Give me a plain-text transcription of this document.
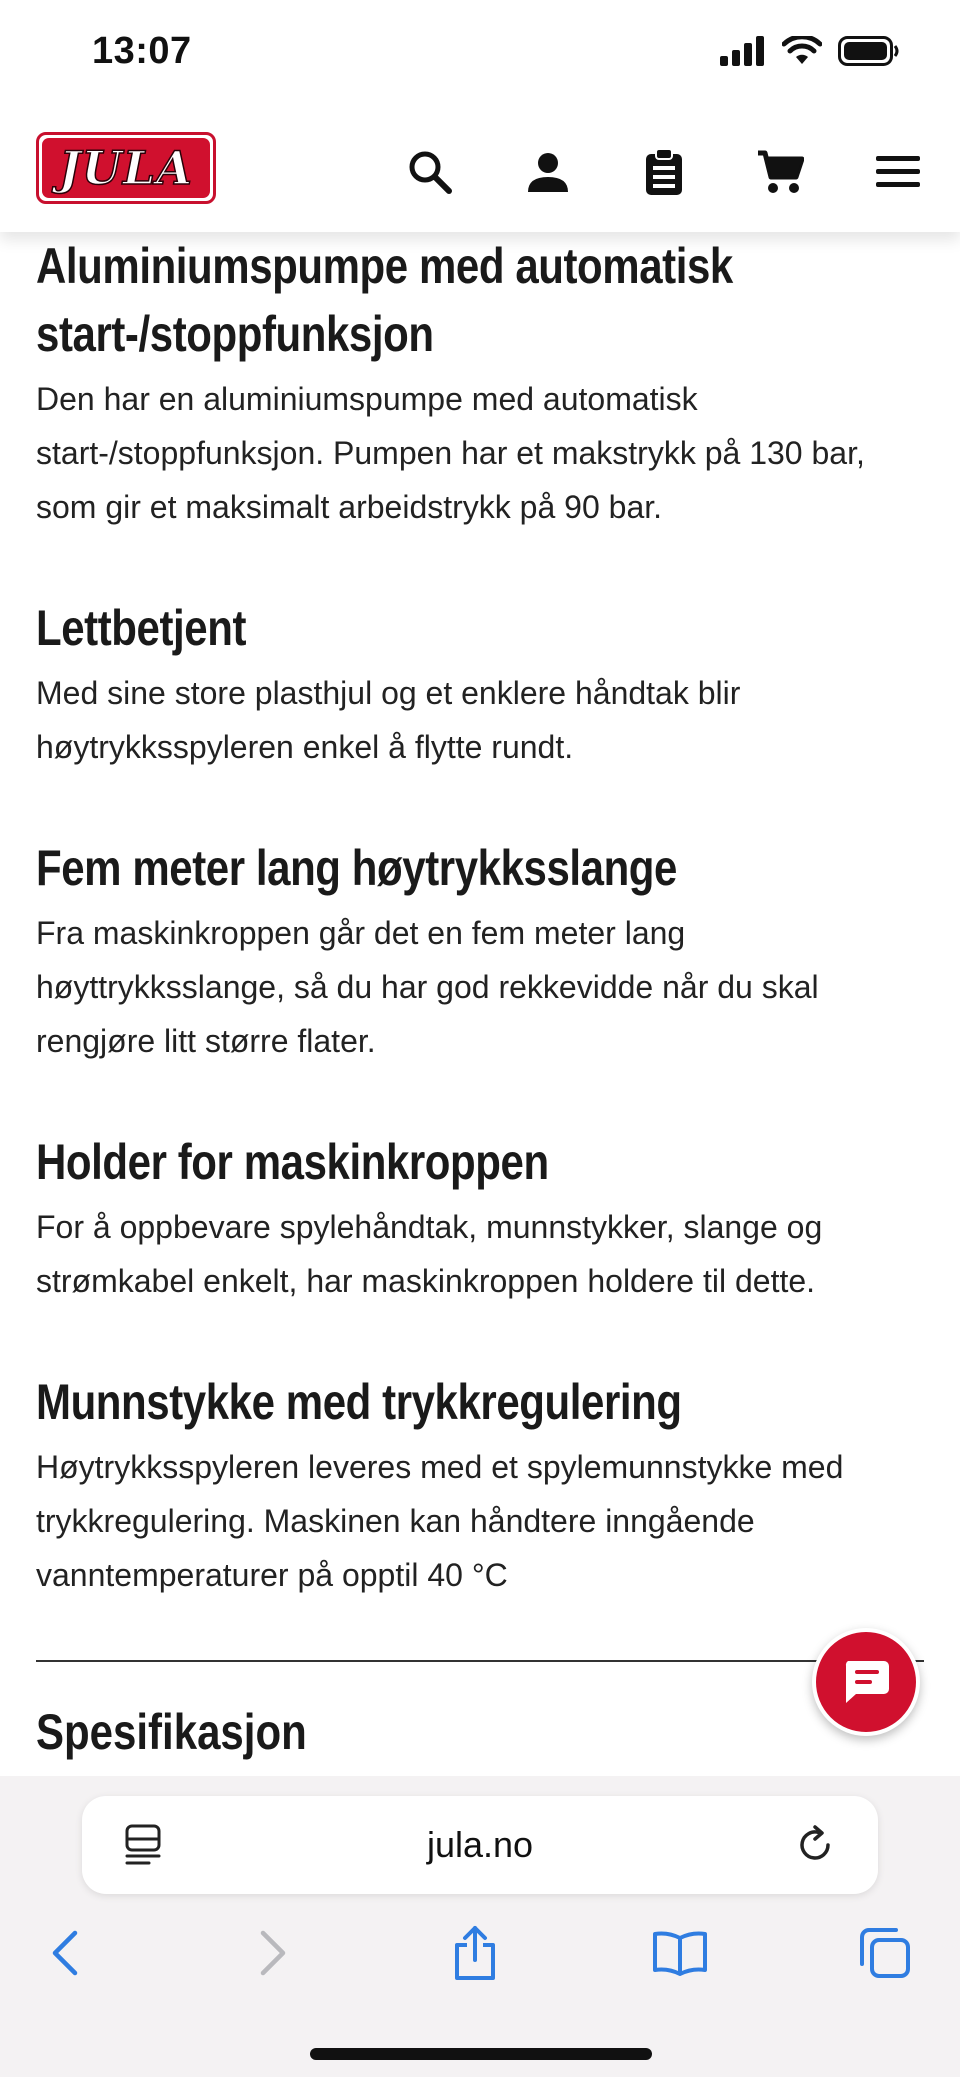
13:07
JULA
Aluminiumspumpe med automatisk start-/stoppfunksjon

Den har en aluminiumspumpe med automatisk start-/stoppfunksjon. Pumpen har et makstrykk på 130 bar, som gir et maksimalt arbeidstrykk på 90 bar.

Lettbetjent

Med sine store plasthjul og et enklere håndtak blir høytrykksspyleren enkel å flytte rundt.

Fem meter lang høytrykksslange

Fra maskinkroppen går det en fem meter lang høyttrykksslange, så du har god rekkevidde når du skal rengjøre litt større flater.

Holder for maskinkroppen

For å oppbevare spylehåndtak, munnstykker, slange og strømkabel enkelt, har maskinkroppen holdere til dette.

Munnstykke med trykkregulering

Høytrykksspyleren leveres med et spylemunnstykke med trykkregulering. Maskinen kan håndtere inngående vanntemperaturer på opptil 40 °C

Spesifikasjon
jula.no
